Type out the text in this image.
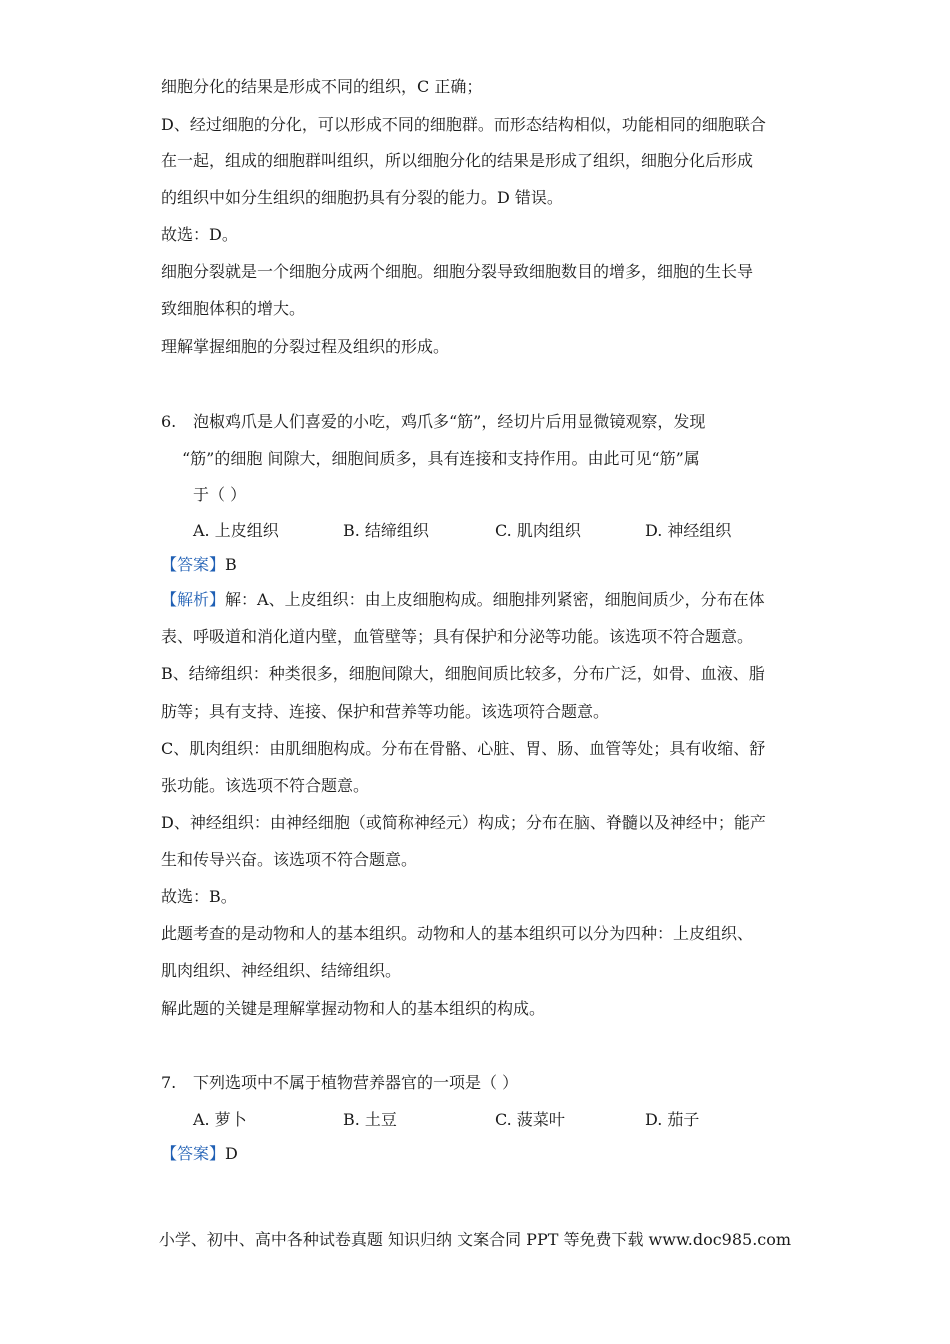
细胞分化的结果是形成不同的组织，C 正确；
D、经过细胞的分化，可以形成不同的细胞群。而形态结构相似，功能相同的细胞联合
在一起，组成的细胞群叫组织，所以细胞分化的结果是形成了组织，细胞分化后形成
的组织中如分生组织的细胞扔具有分裂的能力。D 错误。
故选：D。
细胞分裂就是一个细胞分成两个细胞。细胞分裂导致细胞数目的增多，细胞的生长导
致细胞体积的增大。
理解掌握细胞的分裂过程及组织的形成。
6. 泡椒鸡爪是人们喜爱的小吃，鸡爪多“筋”，经切片后用显微镜观察，发现
“筋”的细胞 间隙大，细胞间质多，具有连接和支持作用。由此可见“筋”属
于（ ）
A. 上皮组织	B. 结缔组织	C. 肌肉组织	D. 神经组织
【答案】B
【解析】解：A、上皮组织：由上皮细胞构成。细胞排列紧密，细胞间质少，分布在体
表、呼吸道和消化道内壁，血管壁等；具有保护和分泌等功能。该选项不符合题意。
B、结缔组织：种类很多，细胞间隙大，细胞间质比较多，分布广泛，如骨、血液、脂
肪等；具有支持、连接、保护和营养等功能。该选项符合题意。
C、肌肉组织：由肌细胞构成。分布在骨骼、心脏、胃、肠、血管等处；具有收缩、舒
张功能。该选项不符合题意。
D、神经组织：由神经细胞（或简称神经元）构成；分布在脑、脊髓以及神经中；能产
生和传导兴奋。该选项不符合题意。
故选：B。
此题考查的是动物和人的基本组织。动物和人的基本组织可以分为四种：上皮组织、
肌肉组织、神经组织、结缔组织。
解此题的关键是理解掌握动物和人的基本组织的构成。
7. 下列选项中不属于植物营养器官的一项是（ ）
A. 萝卜	B. 土豆	C. 菠菜叶	D. 茄子
【答案】D
小学、初中、高中各种试卷真题 知识归纳 文案合同 PPT 等免费下载 www.doc985.com
